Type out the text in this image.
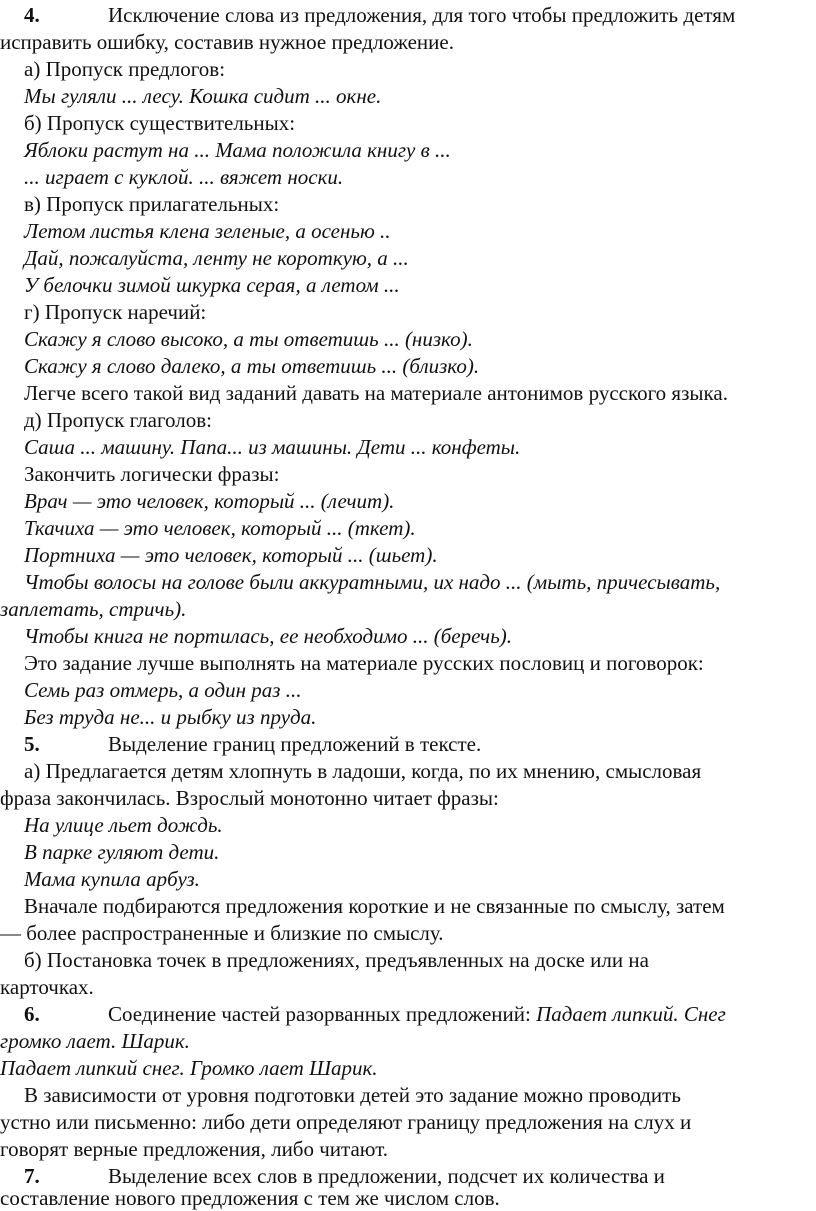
4.	Исключение слова из предложения, для того чтобы предложить детям
исправить ошибку, составив нужное предложение.
а) Пропуск предлогов:
Мы гуляли ... лесу. Кошка сидит ... окне.
б) Пропуск существительных:
Яблоки растут на ... Мама положила книгу в ...
... играет с куклой. ... вяжет носки.
в) Пропуск прилагательных:
Летом листья клена зеленые, а осенью ..
Дай, пожалуйста, ленту не короткую, а ...
У белочки зимой шкурка серая, а летом ...
г) Пропуск наречий:
Скажу я слово высоко, а ты ответишь ... (низко).
Скажу я слово далеко, а ты ответишь ... (близко).
Легче всего такой вид заданий давать на материале антонимов русского языка.
д) Пропуск глаголов:
Саша ... машину. Папа... из машины. Дети ... конфеты.
Закончить логически фразы:
Врач — это человек, который ... (лечит).
Ткачиха — это человек, который ... (ткет).
Портниха — это человек, который ... (шьет).
Чтобы волосы на голове были аккуратными, их надо ... (мыть, причесывать,
заплетать, стричь).
Чтобы книга не портилась, ее необходимо ... (беречь).
Это задание лучше выполнять на материале русских пословиц и поговорок:
Семь раз отмерь, а один раз ...
Без труда не... и рыбку из пруда.
5.	Выделение границ предложений в тексте.
а) Предлагается детям хлопнуть в ладоши, когда, по их мнению, смысловая
фраза закончилась. Взрослый монотонно читает фразы:
На улице льет дождь.
В парке гуляют дети.
Мама купила арбуз.
Вначале подбираются предложения короткие и не связанные по смыслу, затем
— более распространенные и близкие по смыслу.
б) Постановка точек в предложениях, предъявленных на доске или на
карточках.
6.	Соединение частей разорванных предложений: Падает липкий. Снег
громко лает. Шарик.
Падает липкий снег. Громко лает Шарик.
В зависимости от уровня подготовки детей это задание можно проводить
устно или письменно: либо дети определяют границу предложения на слух и
говорят верные предложения, либо читают.
7.	Выделение всех слов в предложении, подсчет их количества и
составление нового предложения с тем же числом слов.
